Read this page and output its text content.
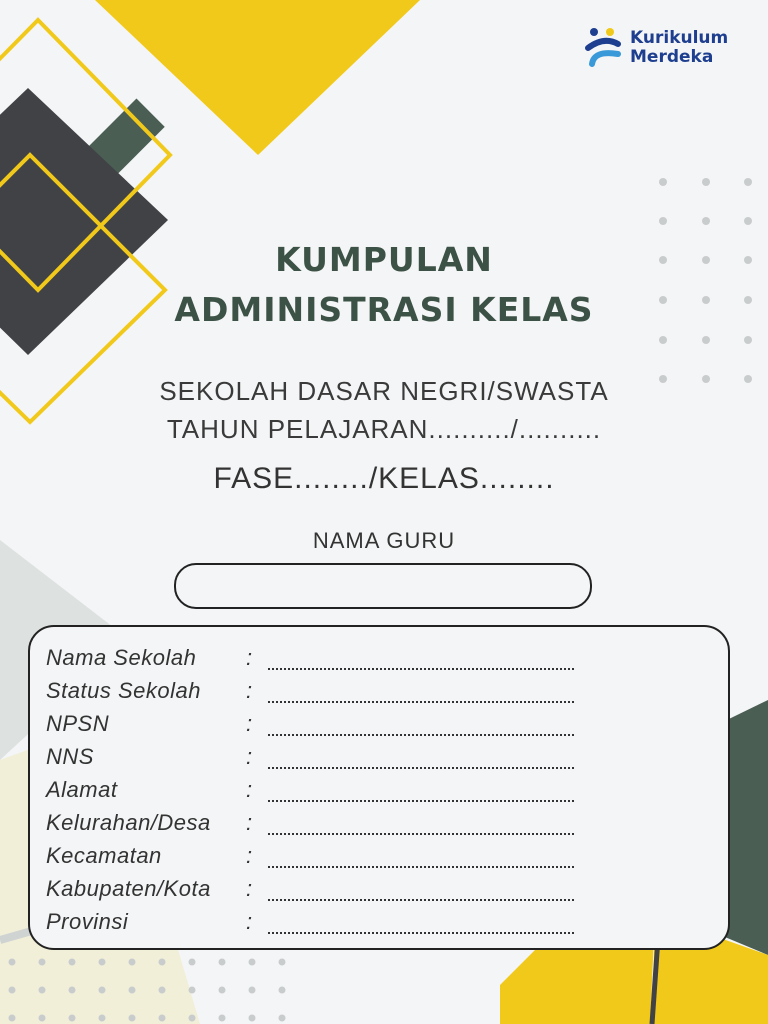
Kurikulum
Merdeka
KUMPULAN
ADMINISTRASI KELAS
SEKOLAH DASAR NEGRI/SWASTA
TAHUN PELAJARAN........../..........
FASE......../KELAS........
NAMA GURU
Nama Sekolah :
Status Sekolah :
NPSN	:
NNS	:
Alamat	:
Kelurahan/Desa :
Kecamatan	:
Kabupaten/Kota :
Provinsi	:
